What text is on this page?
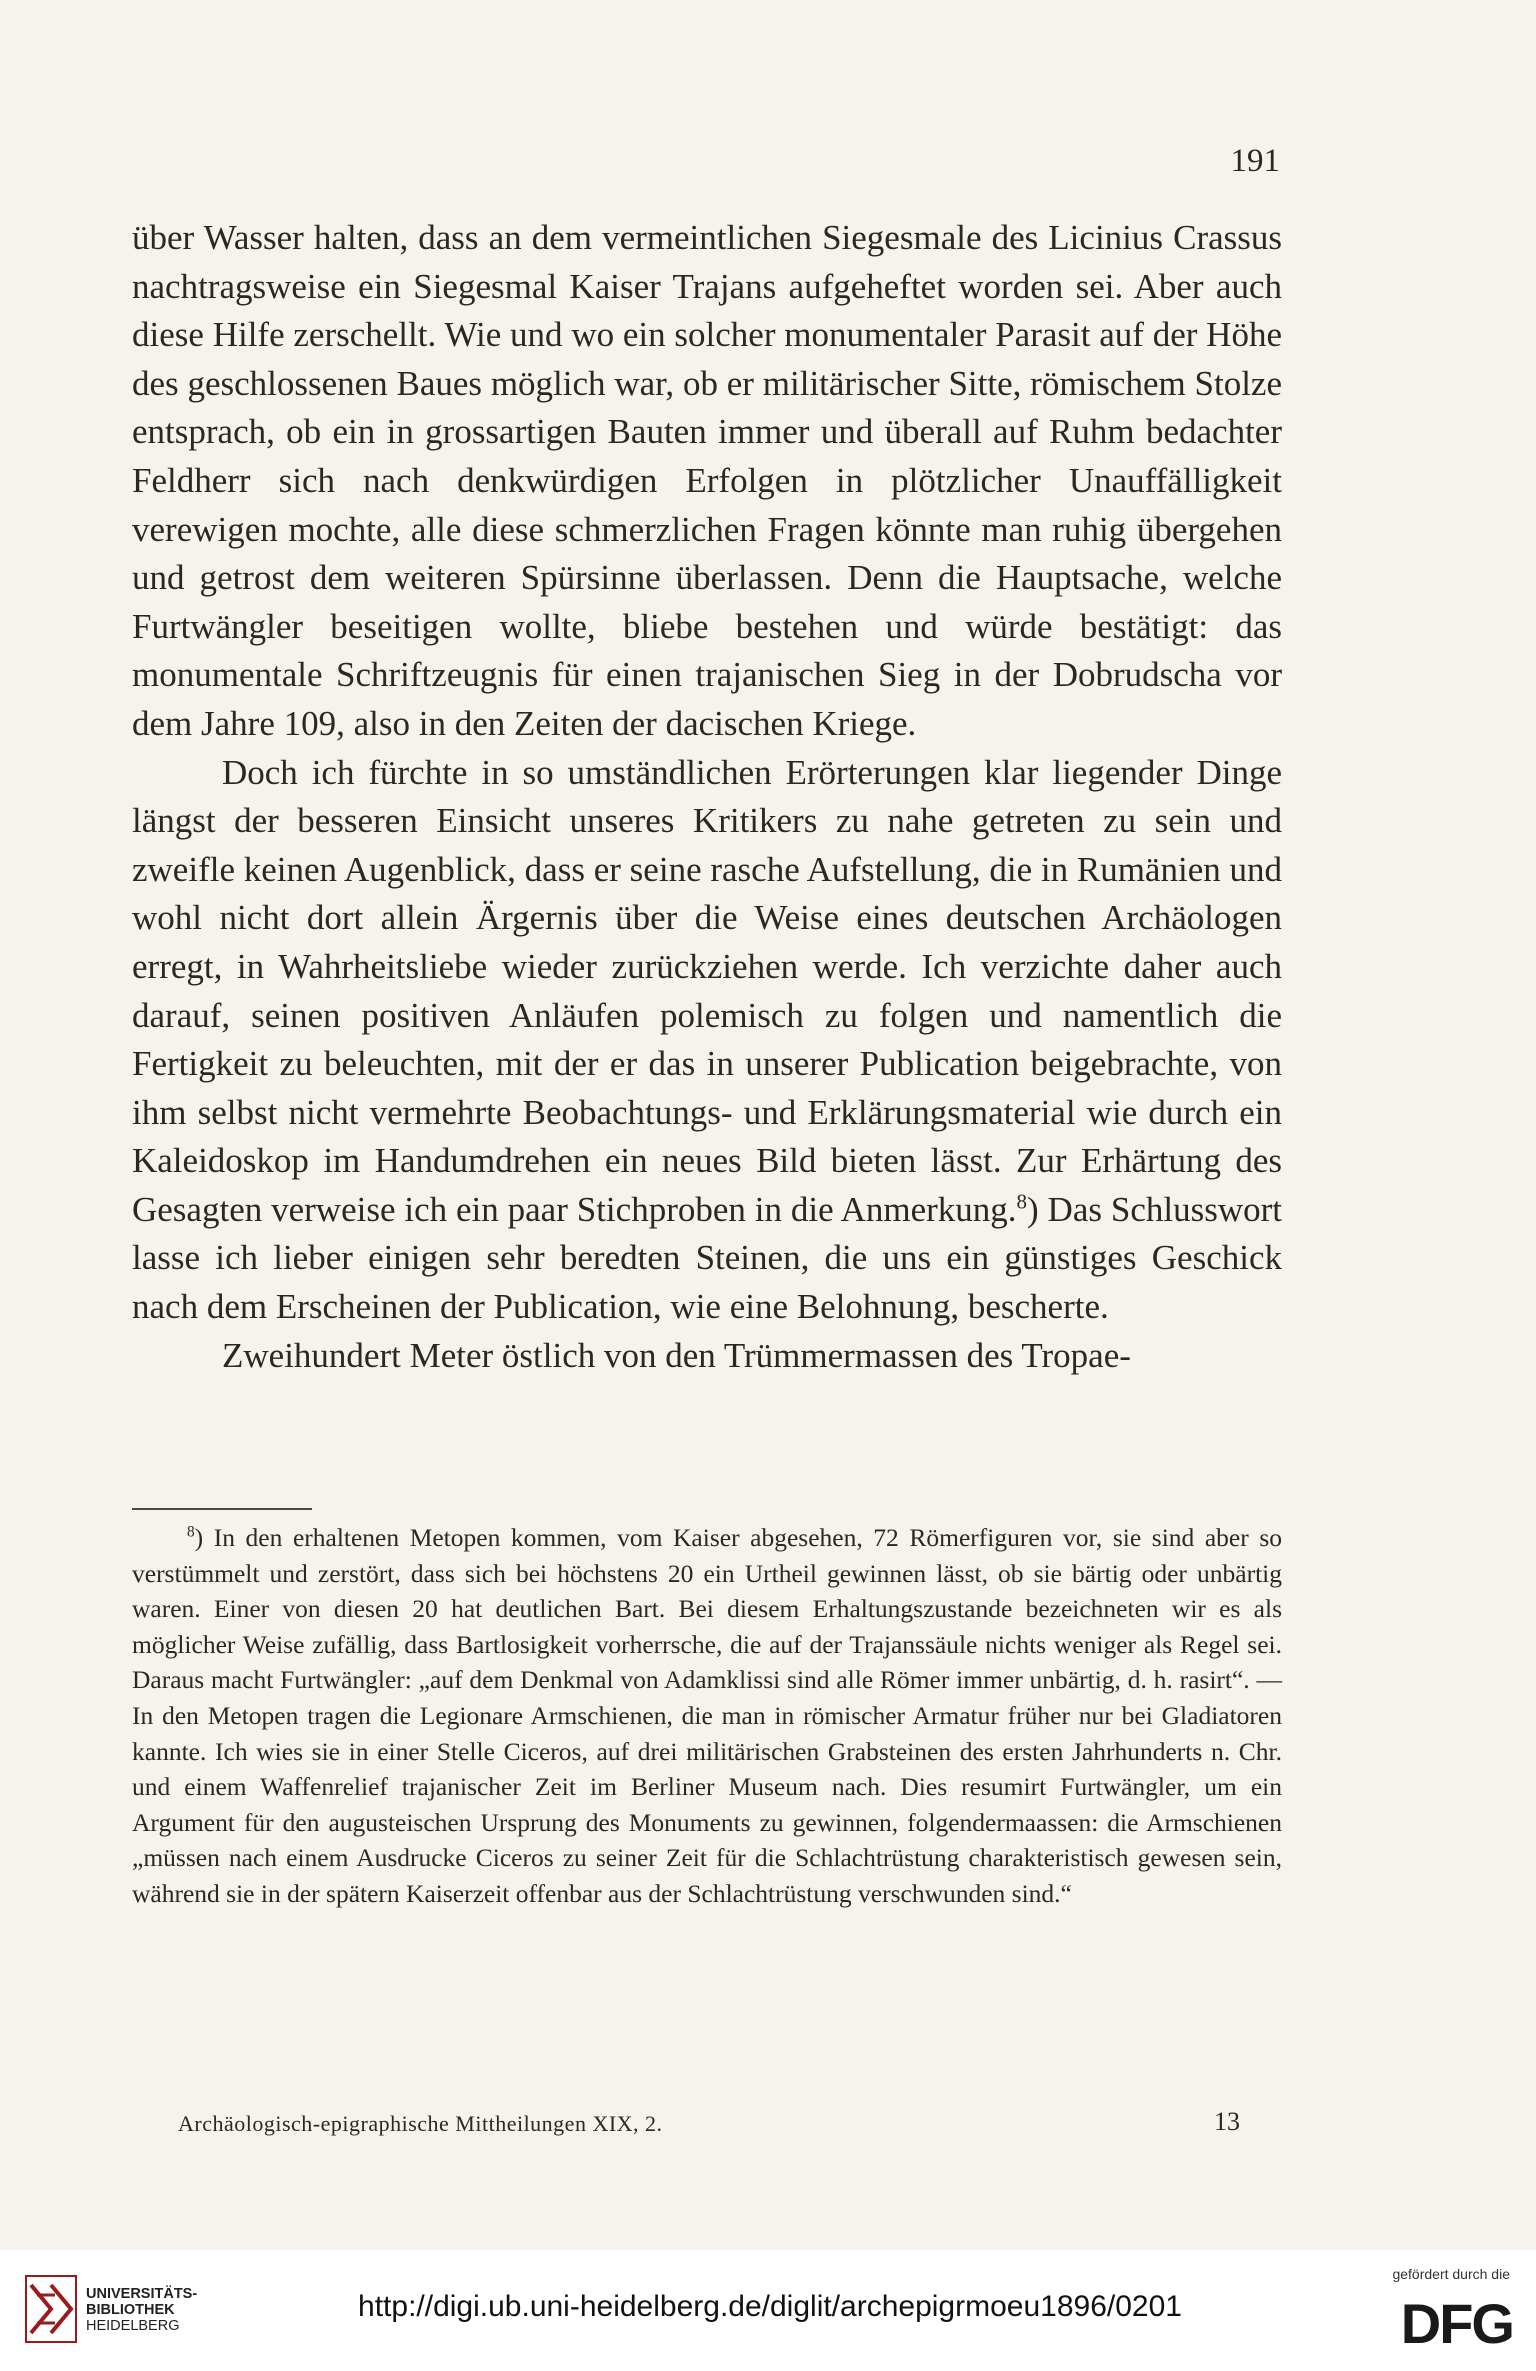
191

über Wasser halten, dass an dem vermeintlichen Siegesmale des Licinius Crassus nachtragsweise ein Siegesmal Kaiser Trajans aufgeheftet worden sei. Aber auch diese Hilfe zerschellt. Wie und wo ein solcher monumentaler Parasit auf der Höhe des geschlossenen Baues möglich war, ob er militärischer Sitte, römischem Stolze entsprach, ob ein in grossartigen Bauten immer und überall auf Ruhm bedachter Feldherr sich nach denkwürdigen Erfolgen in plötzlicher Unauffälligkeit verewigen mochte, alle diese schmerzlichen Fragen könnte man ruhig übergehen und getrost dem weiteren Spürsinne überlassen. Denn die Hauptsache, welche Furtwängler beseitigen wollte, bliebe bestehen und würde bestätigt: das monumentale Schriftzeugnis für einen trajanischen Sieg in der Dobrudscha vor dem Jahre 109, also in den Zeiten der dacischen Kriege.

Doch ich fürchte in so umständlichen Erörterungen klar liegender Dinge längst der besseren Einsicht unseres Kritikers zu nahe getreten zu sein und zweifle keinen Augenblick, dass er seine rasche Aufstellung, die in Rumänien und wohl nicht dort allein Ärgernis über die Weise eines deutschen Archäologen erregt, in Wahrheitsliebe wieder zurückziehen werde. Ich verzichte daher auch darauf, seinen positiven Anläufen polemisch zu folgen und namentlich die Fertigkeit zu beleuchten, mit der er das in unserer Publication beigebrachte, von ihm selbst nicht vermehrte Beobachtungs- und Erklärungsmaterial wie durch ein Kaleidoskop im Handumdrehen ein neues Bild bieten lässt. Zur Erhärtung des Gesagten verweise ich ein paar Stichproben in die Anmerkung.$^8$) Das Schlusswort lasse ich lieber einigen sehr beredten Steinen, die uns ein günstiges Geschick nach dem Erscheinen der Publication, wie eine Belohnung, bescherte.

Zweihundert Meter östlich von den Trümmermassen des Tropae-

$^8$) In den erhaltenen Metopen kommen, vom Kaiser abgesehen, 72 Römerfiguren vor, sie sind aber so verstümmelt und zerstört, dass sich bei höchstens 20 ein Urtheil gewinnen lässt, ob sie bärtig oder unbärtig waren. Einer von diesen 20 hat deutlichen Bart. Bei diesem Erhaltungszustande bezeichneten wir es als möglicher Weise zufällig, dass Bartlosigkeit vorherrsche, die auf der Trajanssäule nichts weniger als Regel sei. Daraus macht Furtwängler: „auf dem Denkmal von Adamklissi sind alle Römer immer unbärtig, d. h. rasirt“. — In den Metopen tragen die Legionare Armschienen, die man in römischer Armatur früher nur bei Gladiatoren kannte. Ich wies sie in einer Stelle Ciceros, auf drei militärischen Grabsteinen des ersten Jahrhunderts n. Chr. und einem Waffenrelief trajanischer Zeit im Berliner Museum nach. Dies resumirt Furtwängler, um ein Argument für den augusteischen Ursprung des Monuments zu gewinnen, folgendermaassen: die Armschienen „müssen nach einem Ausdrucke Ciceros zu seiner Zeit für die Schlachtrüstung charakteristisch gewesen sein, während sie in der spätern Kaiserzeit offenbar aus der Schlachtrüstung verschwunden sind.“

Archäologisch-epigraphische Mittheilungen XIX, 2.	13
UNIVERSITÄTS-
BIBLIOTHEK
HEIDELBERG
http://digi.ub.uni-heidelberg.de/diglit/archepigrmoeu1896/0201
gefördert durch die
DFG
